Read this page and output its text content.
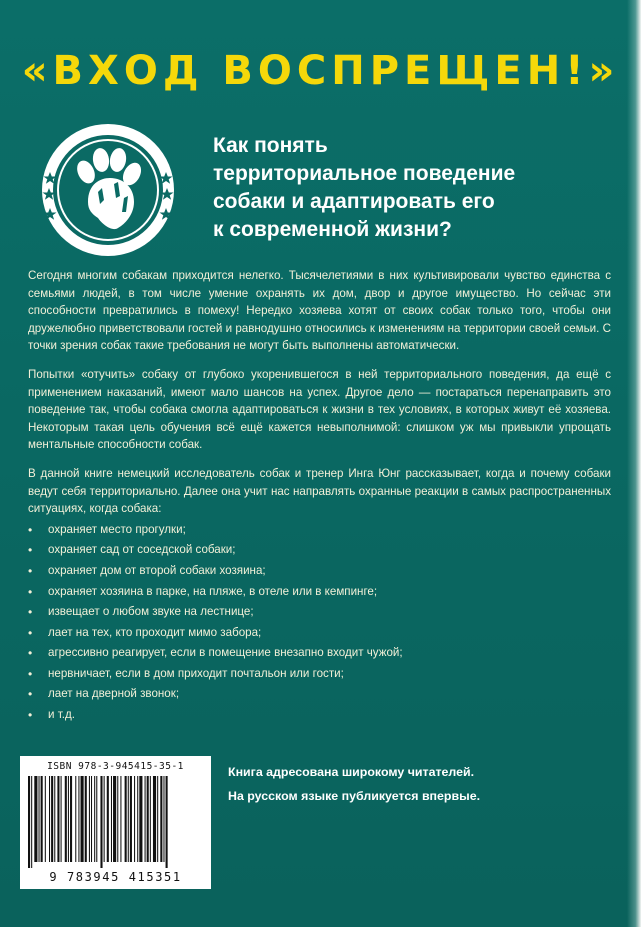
«ВХОД ВОСПРЕЩЕН!»
Как понять
территориальное поведение
собаки и адаптировать его
к современной жизни?

Сегодня многим собакам приходится нелегко. Тысячелетиями в них культивировали чувство единства с семьями людей, в том числе умение охранять их дом, двор и другое имущество. Но сейчас эти способности превратились в помеху! Нередко хозяева хотят от своих собак только того, чтобы они дружелюбно приветствовали гостей и равнодушно относились к изменениям на территории своей семьи. С точки зрения собак такие требования не могут быть выполнены автоматически.

Попытки «отучить» собаку от глубоко укоренившегося в ней территориального поведения, да ещё с применением наказаний, имеют мало шансов на успех. Другое дело — постараться перенаправить это поведение так, чтобы собака смогла адаптироваться к жизни в тех условиях, в которых живут её хозяева. Некоторым такая цель обучения всё ещё кажется невыполнимой: слишком уж мы привыкли упрощать ментальные способности собак.

В данной книге немецкий исследователь собак и тренер Инга Юнг рассказывает, когда и почему собаки ведут себя территориально. Далее она учит нас направлять охранные реакции в самых распространенных ситуациях, когда собака:

• охраняет место прогулки;
• охраняет сад от соседской собаки;
• охраняет дом от второй собаки хозяина;
• охраняет хозяина в парке, на пляже, в отеле или в кемпинге;
• извещает о любом звуке на лестнице;
• лает на тех, кто проходит мимо забора;
• агрессивно реагирует, если в помещение внезапно входит чужой;
• нервничает, если в дом приходит почтальон или гости;
• лает на дверной звонок;
• и т.д.
ISBN 978-3-945415-35-1
9 783945 415351
Книга адресована широкому читателей.
На русском языке публикуется впервые.
